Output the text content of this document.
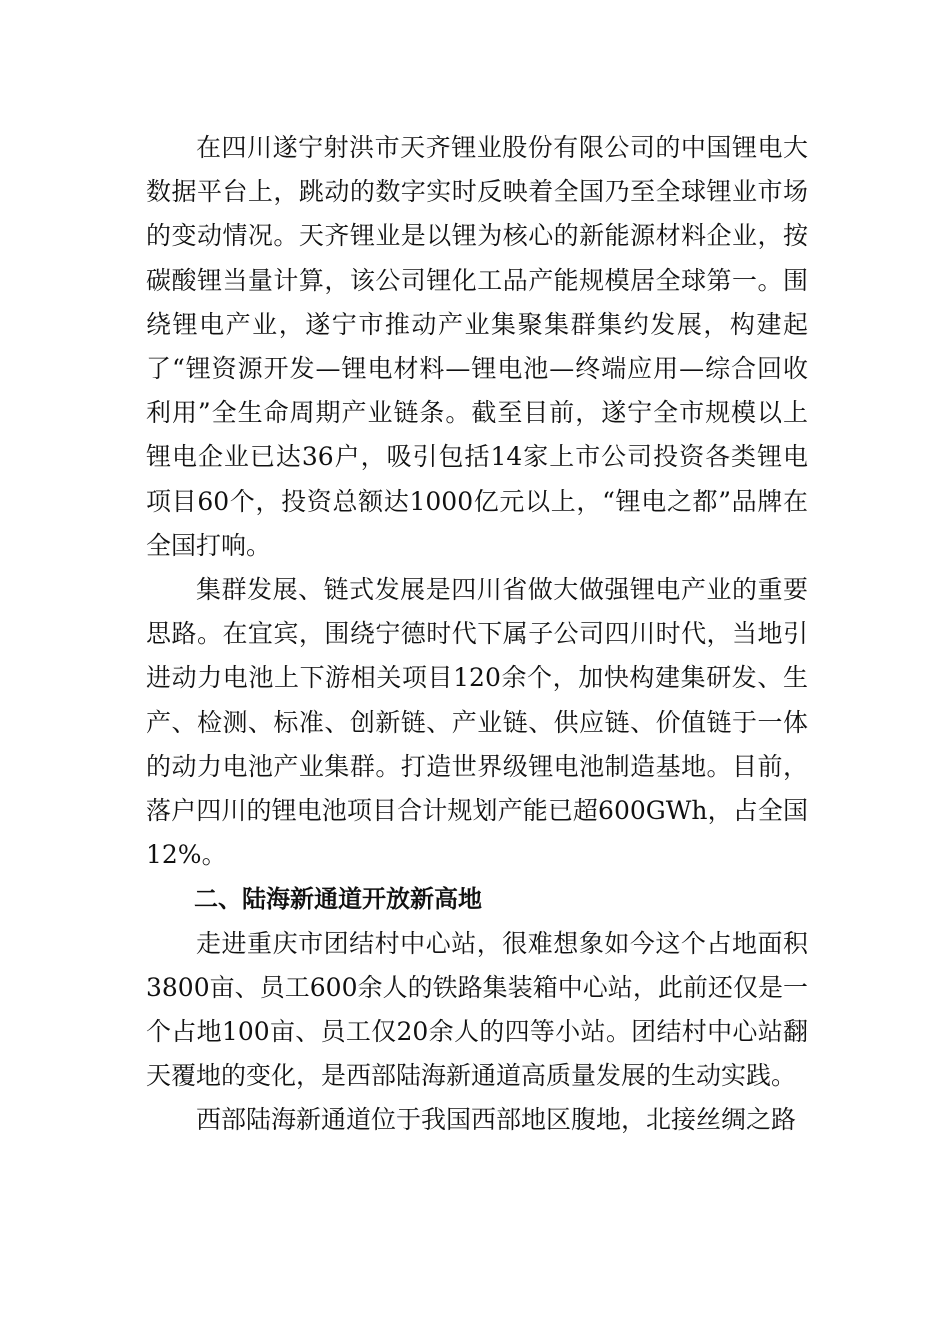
在四川遂宁射洪市天齐锂业股份有限公司的中国锂电大数据平台上，跳动的数字实时反映着全国乃至全球锂业市场的变动情况。天齐锂业是以锂为核心的新能源材料企业，按碳酸锂当量计算，该公司锂化工品产能规模居全球第一。围绕锂电产业，遂宁市推动产业集聚集群集约发展，构建起了“锂资源开发—锂电材料—锂电池—终端应用—综合回收利用”全生命周期产业链条。截至目前，遂宁全市规模以上锂电企业已达36户，吸引包括14家上市公司投资各类锂电项目60个，投资总额达1000亿元以上，“锂电之都”品牌在全国打响。

集群发展、链式发展是四川省做大做强锂电产业的重要思路。在宜宾，围绕宁德时代下属子公司四川时代，当地引进动力电池上下游相关项目120余个，加快构建集研发、生产、检测、标准、创新链、产业链、供应链、价值链于一体的动力电池产业集群。打造世界级锂电池制造基地。目前，落户四川的锂电池项目合计规划产能已超600GWh，占全国12%。

二、陆海新通道开放新高地

走进重庆市团结村中心站，很难想象如今这个占地面积3800亩、员工600余人的铁路集装箱中心站，此前还仅是一个占地100亩、员工仅20余人的四等小站。团结村中心站翻天覆地的变化，是西部陆海新通道高质量发展的生动实践。

西部陆海新通道位于我国西部地区腹地，北接丝绸之路
